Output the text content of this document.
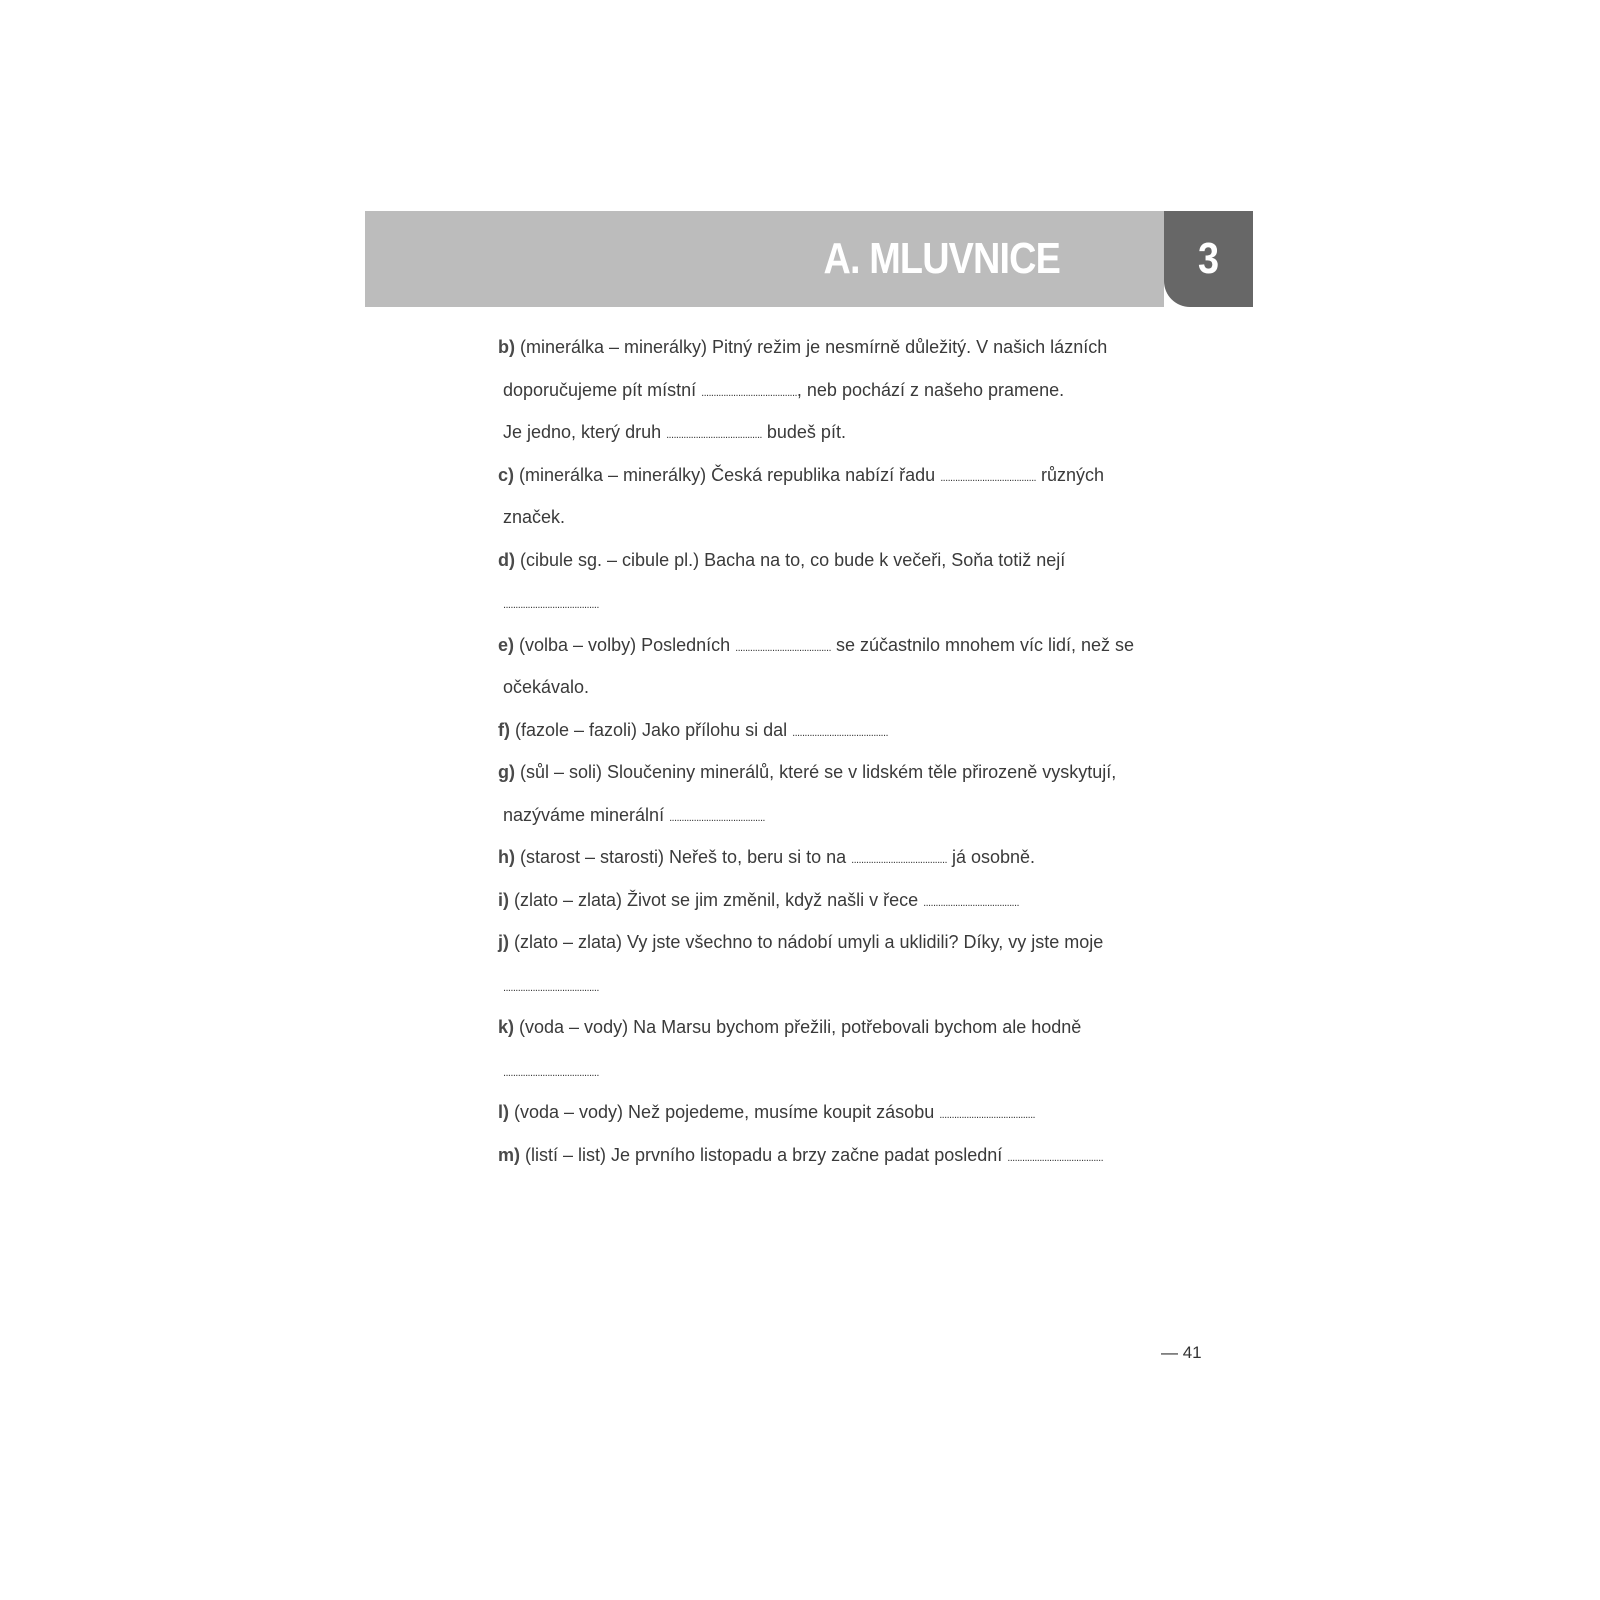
A. MLUVNICE	3
b) (minerálka – minerálky) Pitný režim je nesmírně důležitý. V našich lázních
doporučujeme pít místní ......................................., neb pochází z našeho pramene.
Je jedno, který druh ....................................... budeš pít.
c) (minerálka – minerálky) Česká republika nabízí řadu ....................................... různých
značek.
d) (cibule sg. – cibule pl.) Bacha na to, co bude k večeři, Soňa totiž nejí
.......................................
e) (volba – volby) Posledních ....................................... se zúčastnilo mnohem víc lidí, než se
očekávalo.
f) (fazole – fazoli) Jako přílohu si dal .......................................
g) (sůl – soli) Sloučeniny minerálů, které se v lidském těle přirozeně vyskytují,
nazýváme minerální .......................................
h) (starost – starosti) Neřeš to, beru si to na ....................................... já osobně.
i) (zlato – zlata) Život se jim změnil, když našli v řece .......................................
j) (zlato – zlata) Vy jste všechno to nádobí umyli a uklidili? Díky, vy jste moje
.......................................
k) (voda – vody) Na Marsu bychom přežili, potřebovali bychom ale hodně
.......................................
l) (voda – vody) Než pojedeme, musíme koupit zásobu .......................................
m) (listí – list) Je prvního listopadu a brzy začne padat poslední .......................................
— 41
